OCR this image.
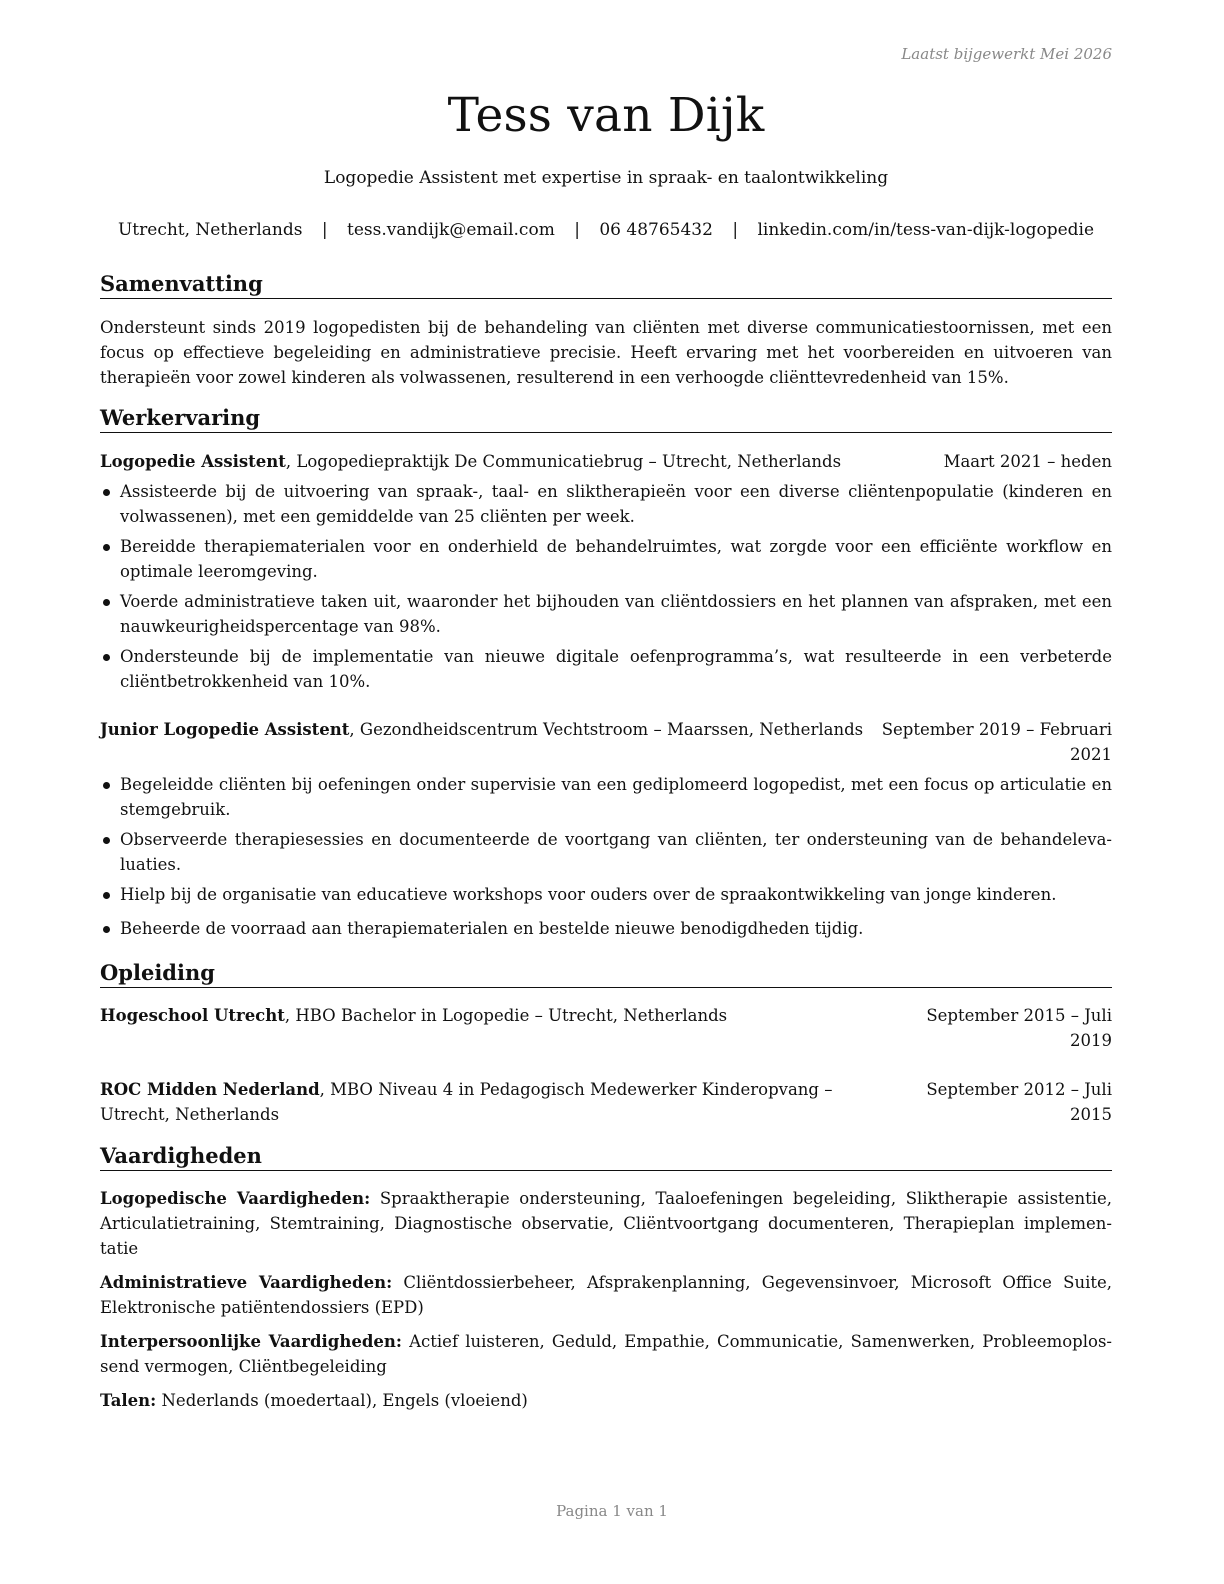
Laatst bijgewerkt Mei 2026
Tess van Dijk
Logopedie Assistent met expertise in spraak- en taalontwikkeling
Utrecht, Netherlands | tess.vandijk@email.com | 06 48765432 | linkedin.com/in/tess-van-dijk-logopedie
Samenvatting
Ondersteunt sinds 2019 logopedisten bij de behandeling van cliënten met diverse communicatiestoornissen, met een focus op effectieve begeleiding en administratieve precisie. Heeft ervaring met het voorbereiden en uitvoeren van therapieën voor zowel kinderen als volwassenen, resulterend in een verhoogde cliënttevredenheid van 15%.
Werkervaring
Logopedie Assistent, Logopediepraktijk De Communicatiebrug – Utrecht, Netherlands	Maart 2021 – heden
Assisteerde bij de uitvoering van spraak-, taal- en sliktherapieën voor een diverse cliëntenpopulatie (kinderen en volwassenen), met een gemiddelde van 25 cliënten per week.
Bereidde therapiematerialen voor en onderhield de behandelruimtes, wat zorgde voor een efficiënte workflow en optimale leeromgeving.
Voerde administratieve taken uit, waaronder het bijhouden van cliëntdossiers en het plannen van afspraken, met een nauwkeurigheidspercentage van 98%.
Ondersteunde bij de implementatie van nieuwe digitale oefenprogramma’s, wat resulteerde in een verbeterde cliëntbetrokkenheid van 10%.
Junior Logopedie Assistent, Gezondheidscentrum Vechtstroom – Maarssen, Netherlands September 2019 – Februari
2021
Begeleidde cliënten bij oefeningen onder supervisie van een gediplomeerd logopedist, met een focus op articulatie en stemgebruik.
Observeerde therapiesessies en documenteerde de voortgang van cliënten, ter ondersteuning van de behandeleva-luaties.
Hielp bij de organisatie van educatieve workshops voor ouders over de spraakontwikkeling van jonge kinderen.
Beheerde de voorraad aan therapiematerialen en bestelde nieuwe benodigdheden tijdig.
Opleiding
Hogeschool Utrecht, HBO Bachelor in Logopedie – Utrecht, Netherlands	September 2015 – Juli
2019
ROC Midden Nederland, MBO Niveau 4 in Pedagogisch Medewerker Kinderopvang –
Utrecht, Netherlands
September 2012 – Juli
2015
Vaardigheden
Logopedische Vaardigheden: Spraaktherapie ondersteuning, Taaloefeningen begeleiding, Sliktherapie assistentie, Articulatietraining, Stemtraining, Diagnostische observatie, Cliëntvoortgang documenteren, Therapieplan implemen-tatie
Administratieve Vaardigheden: Cliëntdossierbeheer, Afsprakenplanning, Gegevensinvoer, Microsoft Office Suite, Elektronische patiëntendossiers (EPD)
Interpersoonlijke Vaardigheden: Actief luisteren, Geduld, Empathie, Communicatie, Samenwerken, Probleemoplos-send vermogen, Cliëntbegeleiding
Talen: Nederlands (moedertaal), Engels (vloeiend)
Pagina 1 van 1
